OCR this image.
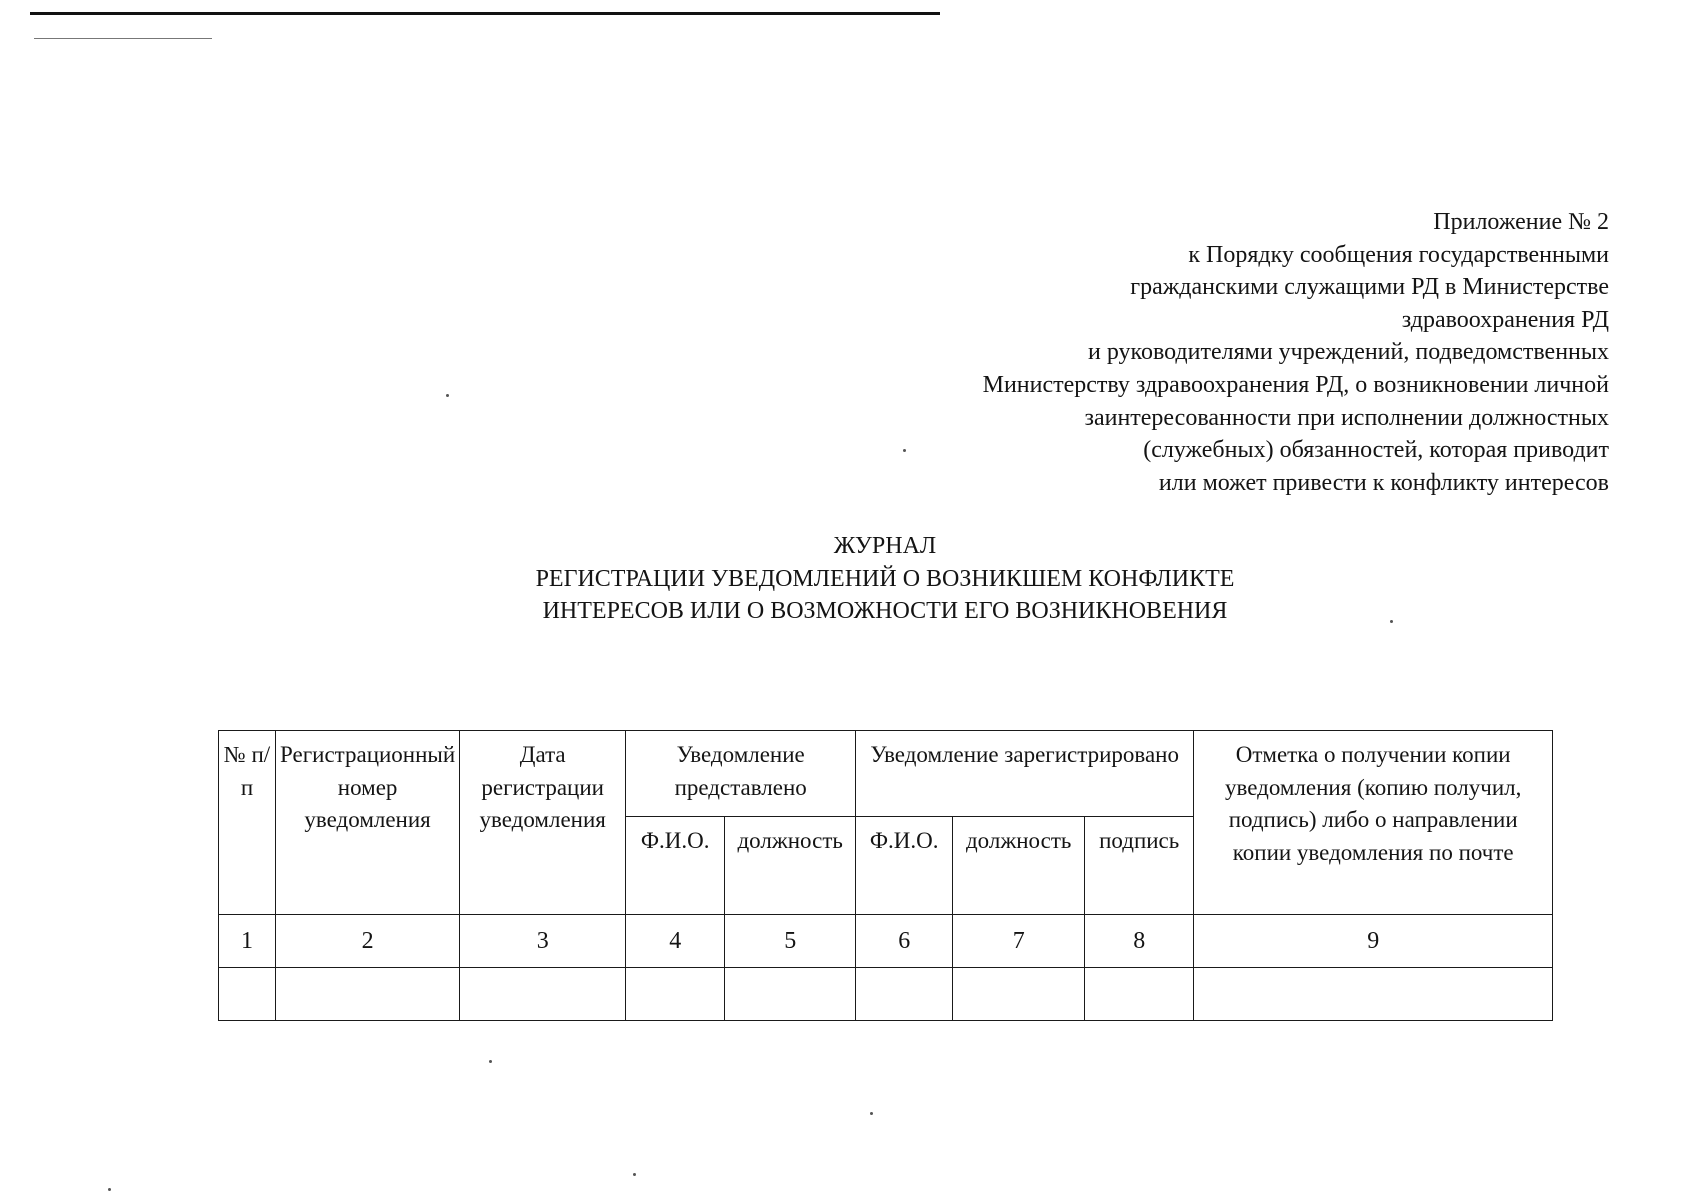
Приложение № 2
к Порядку сообщения государственными
гражданскими служащими РД в Министерстве
здравоохранения РД
и руководителями учреждений, подведомственных
Министерству здравоохранения РД, о возникновении личной
заинтересованности при исполнении должностных
(служебных) обязанностей, которая приводит
или может привести к конфликту интересов
ЖУРНАЛ
РЕГИСТРАЦИИ УВЕДОМЛЕНИЙ О ВОЗНИКШЕМ КОНФЛИКТЕ
ИНТЕРЕСОВ ИЛИ О ВОЗМОЖНОСТИ ЕГО ВОЗНИКНОВЕНИЯ
№ п/п	Регистрационный номер уведомления	Дата регистрации уведомления	Уведомление представлено		Уведомление зарегистрировано			Отметка о получении копии уведомления (копию получил, подпись) либо о направлении копии уведомления по почте
			Ф.И.О.	должность	Ф.И.О.	должность	подпись	
1	2	3	4	5	6	7	8	9
